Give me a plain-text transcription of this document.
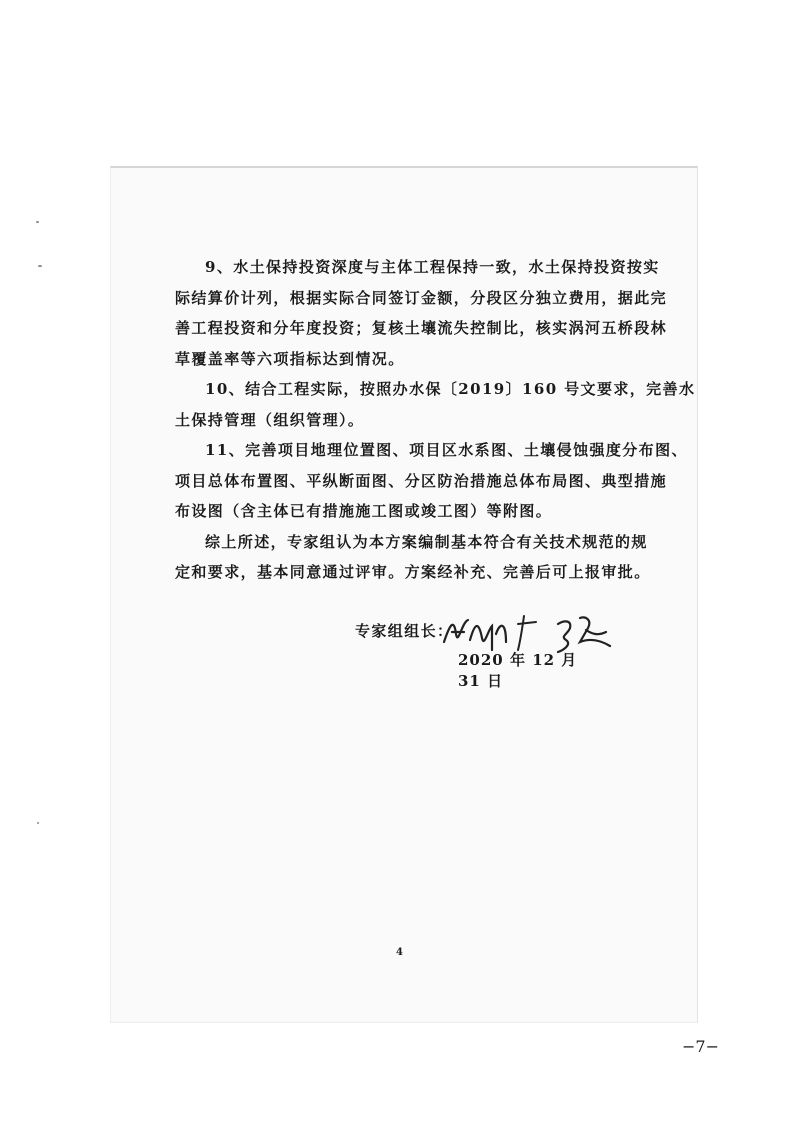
9、水土保持投资深度与主体工程保持一致，水土保持投资按实
际结算价计列，根据实际合同签订金额，分段区分独立费用，据此完
善工程投资和分年度投资；复核土壤流失控制比，核实涡河五桥段林
草覆盖率等六项指标达到情况。

10、结合工程实际，按照办水保〔2019〕160 号文要求，完善水
土保持管理（组织管理）。

11、完善项目地理位置图、项目区水系图、土壤侵蚀强度分布图、
项目总体布置图、平纵断面图、分区防治措施总体布局图、典型措施
布设图（含主体已有措施施工图或竣工图）等附图。

综上所述，专家组认为本方案编制基本符合有关技术规范的规
定和要求，基本同意通过评审。方案经补充、完善后可上报审批。

专家组组长：
2020 年 12 月 31 日
4
−7−
